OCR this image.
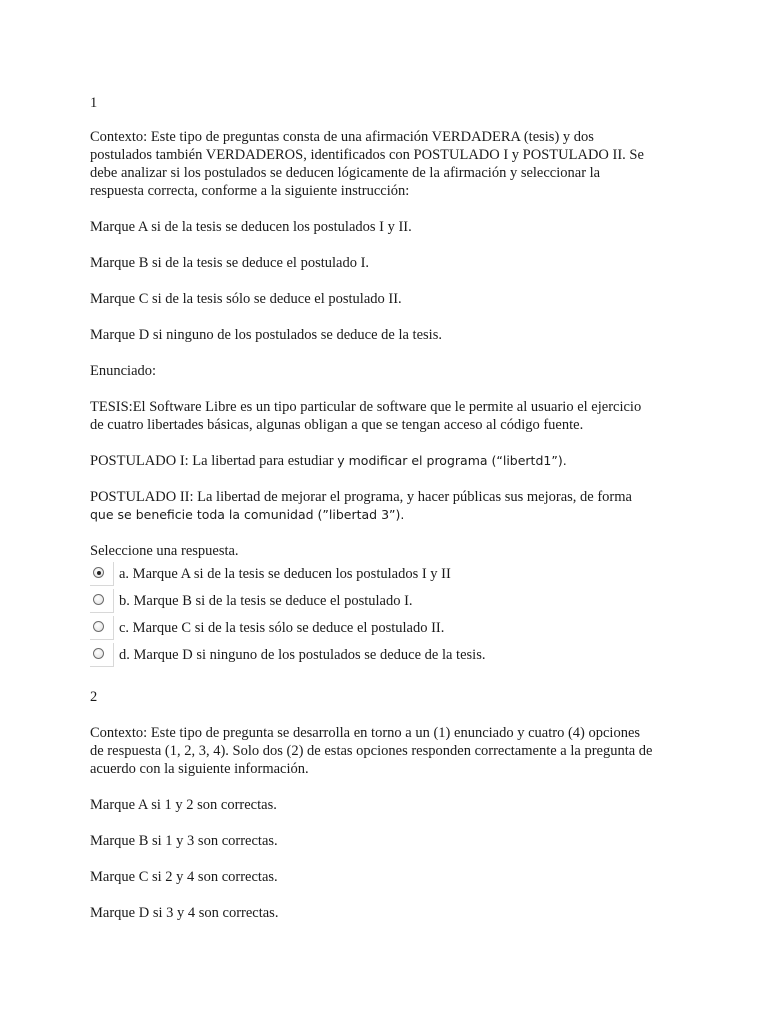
1
Contexto: Este tipo de preguntas consta de una afirmación VERDADERA (tesis) y dos
postulados también VERDADEROS, identificados con POSTULADO I y POSTULADO II. Se
debe analizar si los postulados se deducen lógicamente de la afirmación y seleccionar la
respuesta correcta, conforme a la siguiente instrucción:
Marque A si de la tesis se deducen los postulados I y II.
Marque B si de la tesis se deduce el postulado I.
Marque C si de la tesis sólo se deduce el postulado II.
Marque D si ninguno de los postulados se deduce de la tesis.
Enunciado:
TESIS:El Software Libre es un tipo particular de software que le permite al usuario el ejercicio
de cuatro libertades básicas, algunas obligan a que se tengan acceso al código fuente.
POSTULADO I: La libertad para estudiar y modificar el programa (“libertd1”).
POSTULADO II: La libertad de mejorar el programa, y hacer públicas sus mejoras, de forma
que se beneficie toda la comunidad (”libertad 3”).
Seleccione una respuesta.
a. Marque A si de la tesis se deducen los postulados I y II
b. Marque B si de la tesis se deduce el postulado I.
c. Marque C si de la tesis sólo se deduce el postulado II.
d. Marque D si ninguno de los postulados se deduce de la tesis.
2
Contexto: Este tipo de pregunta se desarrolla en torno a un (1) enunciado y cuatro (4) opciones
de respuesta (1, 2, 3, 4). Solo dos (2) de estas opciones responden correctamente a la pregunta de
acuerdo con la siguiente información.
Marque A si 1 y 2 son correctas.
Marque B si 1 y 3 son correctas.
Marque C si 2 y 4 son correctas.
Marque D si 3 y 4 son correctas.
